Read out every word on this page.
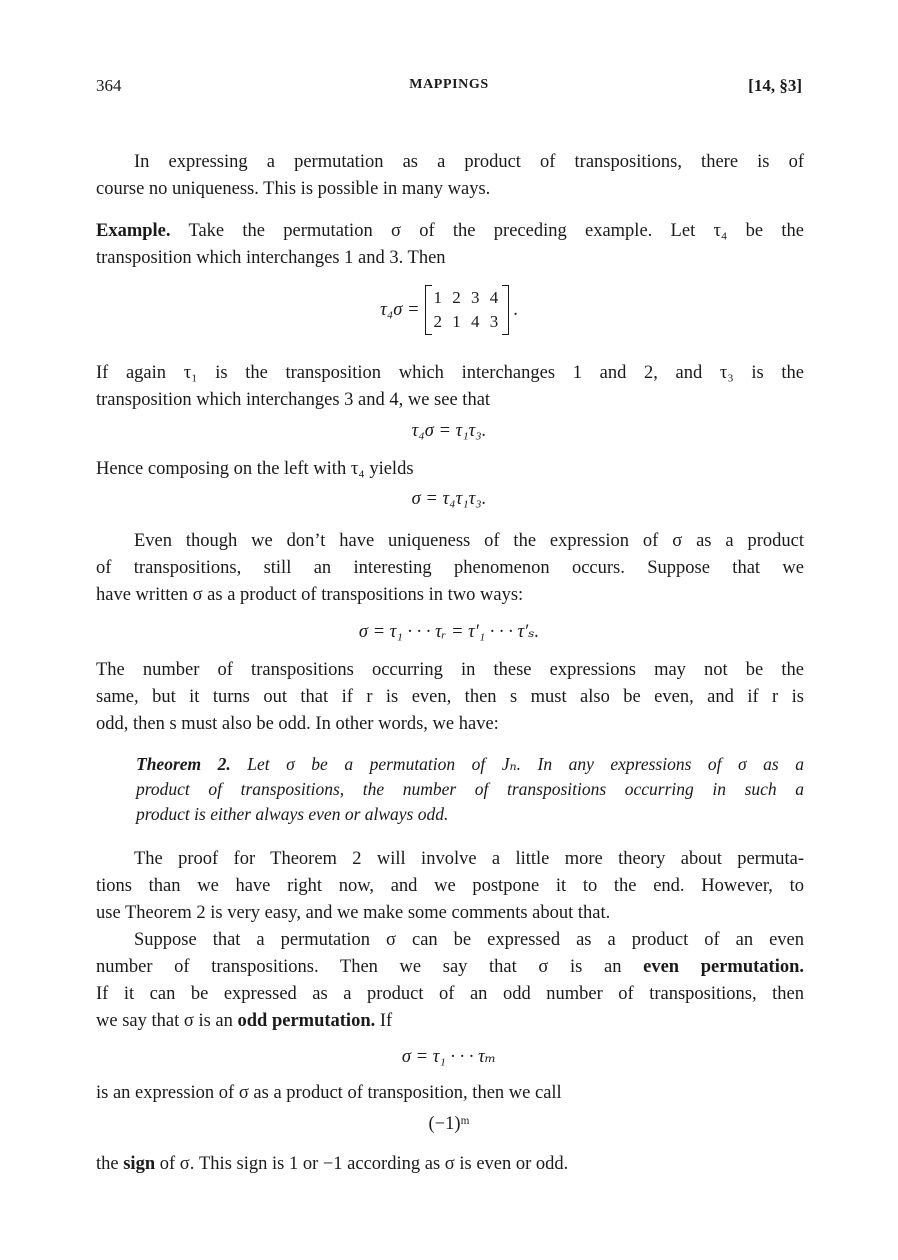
364	MAPPINGS	[14, §3]

In expressing a permutation as a product of transpositions, there is of
course no uniqueness. This is possible in many ways.

Example. Take the permutation σ of the preceding example. Let τ₄ be the
transposition which interchanges 1 and 3. Then

τ₄σ =
1 2 3 4
2 1 4 3
.

If again τ₁ is the transposition which interchanges 1 and 2, and τ₃ is the
transposition which interchanges 3 and 4, we see that

τ₄σ = τ₁τ₃.

Hence composing on the left with τ₄ yields

σ = τ₄τ₁τ₃.

Even though we don’t have uniqueness of the expression of σ as a product
of transpositions, still an interesting phenomenon occurs. Suppose that we
have written σ as a product of transpositions in two ways:

σ = τ₁ · · · τᵣ = τ′₁ · · · τ′ₛ.

The number of transpositions occurring in these expressions may not be the
same, but it turns out that if r is even, then s must also be even, and if r is
odd, then s must also be odd. In other words, we have:

Theorem 2. Let σ be a permutation of Jₙ. In any expressions of σ as a
product of transpositions, the number of transpositions occurring in such a
product is either always even or always odd.

The proof for Theorem 2 will involve a little more theory about permuta-
tions than we have right now, and we postpone it to the end. However, to
use Theorem 2 is very easy, and we make some comments about that.

Suppose that a permutation σ can be expressed as a product of an even
number of transpositions. Then we say that σ is an even permutation.
If it can be expressed as a product of an odd number of transpositions, then
we say that σ is an odd permutation. If

σ = τ₁ · · · τₘ

is an expression of σ as a product of transposition, then we call

(−1)ᵐ

the sign of σ. This sign is 1 or −1 according as σ is even or odd.
